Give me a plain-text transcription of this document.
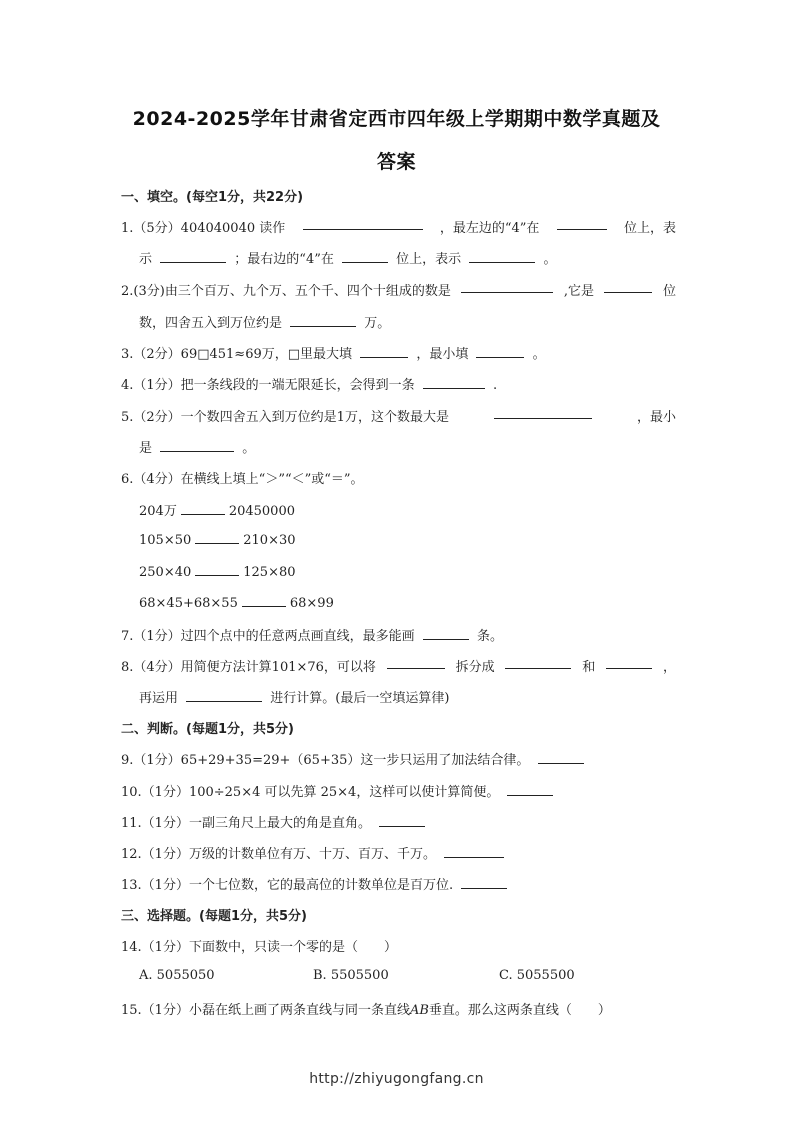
2024-2025学年甘肃省定西市四年级上学期期中数学真题及
答案
一、填空。(每空1分，共22分)
1.（5分）404040040 读作	，最左边的“4”在	位上，表
示	；最右边的“4”在	位上，表示	。
2.(3分)由三个百万、九个万、五个千、四个十组成的数是	,它是	位
数，四舍五入到万位约是	万。
3.（2分）69□451≈69万，□里最大填	，最小填	。
4.（1分）把一条线段的一端无限延长，会得到一条	.
5.（2分）一个数四舍五入到万位约是1万，这个数最大是	，最小
是	。
6.（4分）在横线上填上“＞”“＜”或“＝”。
204万	20450000
105×50	210×30
250×40	125×80
68×45+68×55	68×99
7.（1分）过四个点中的任意两点画直线，最多能画	条。
8.（4分）用简便方法计算101×76，可以将	拆分成	和	，
再运用	进行计算。(最后一空填运算律)
二、判断。(每题1分，共5分)
9.（1分）65+29+35=29+（65+35）这一步只运用了加法结合律。
10.（1分）100÷25×4 可以先算 25×4，这样可以使计算简便。
11.（1分）一副三角尺上最大的角是直角。
12.（1分）万级的计数单位有万、十万、百万、千万。
13.（1分）一个七位数，它的最高位的计数单位是百万位.
三、选择题。(每题1分，共5分)
14.（1分）下面数中，只读一个零的是（　　）
A. 5055050	B. 5505500	C. 5055500
15.（1分）小磊在纸上画了两条直线与同一条直线AB垂直。那么这两条直线（　　）
http://zhiyugongfang.cn
